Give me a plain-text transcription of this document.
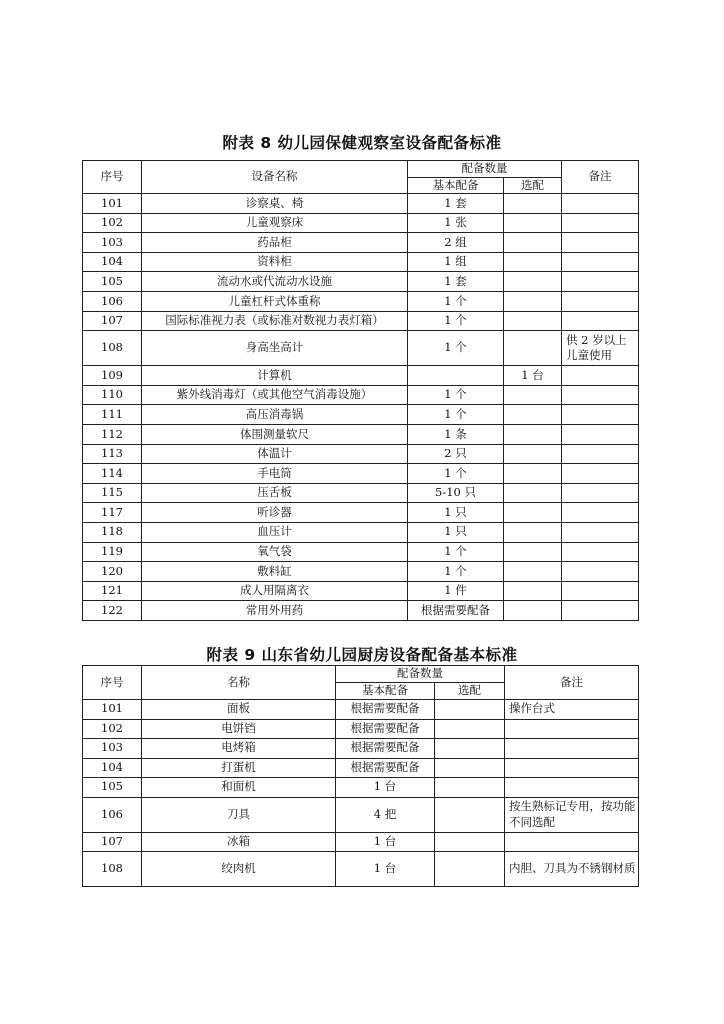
附表 8 幼儿园保健观察室设备配备标准
序号	设备名称	配备数量		备注
		基本配备	选配	
101	诊察桌、椅	1 套		
102	儿童观察床	1 张		
103	药品柜	2 组		
104	资料柜	1 组		
105	流动水或代流动水设施	1 套		
106	儿童杠杆式体重称	1 个		
107	国际标准视力表（或标准对数视力表灯箱）	1 个		
108	身高坐高计	1 个		供 2 岁以上儿童使用
109	计算机		1 台	
110	紫外线消毒灯（或其他空气消毒设施）	1 个		
111	高压消毒锅	1 个		
112	体围测量软尺	1 条		
113	体温计	2 只		
114	手电筒	1 个		
115	压舌板	5-10 只		
117	听诊器	1 只		
118	血压计	1 只		
119	氧气袋	1 个		
120	敷料缸	1 个		
121	成人用隔离衣	1 件		
122	常用外用药	根据需要配备		
附表 9 山东省幼儿园厨房设备配备基本标准
序号	名称	配备数量		备注
		基本配备	选配	
101	面板	根据需要配备		操作台式
102	电饼铛	根据需要配备		
103	电烤箱	根据需要配备		
104	打蛋机	根据需要配备		
105	和面机	1 台		
106	刀具	4 把		按生熟标记专用，按功能不同选配
107	冰箱	1 台		
108	绞肉机	1 台		内胆、刀具为不锈钢材质
